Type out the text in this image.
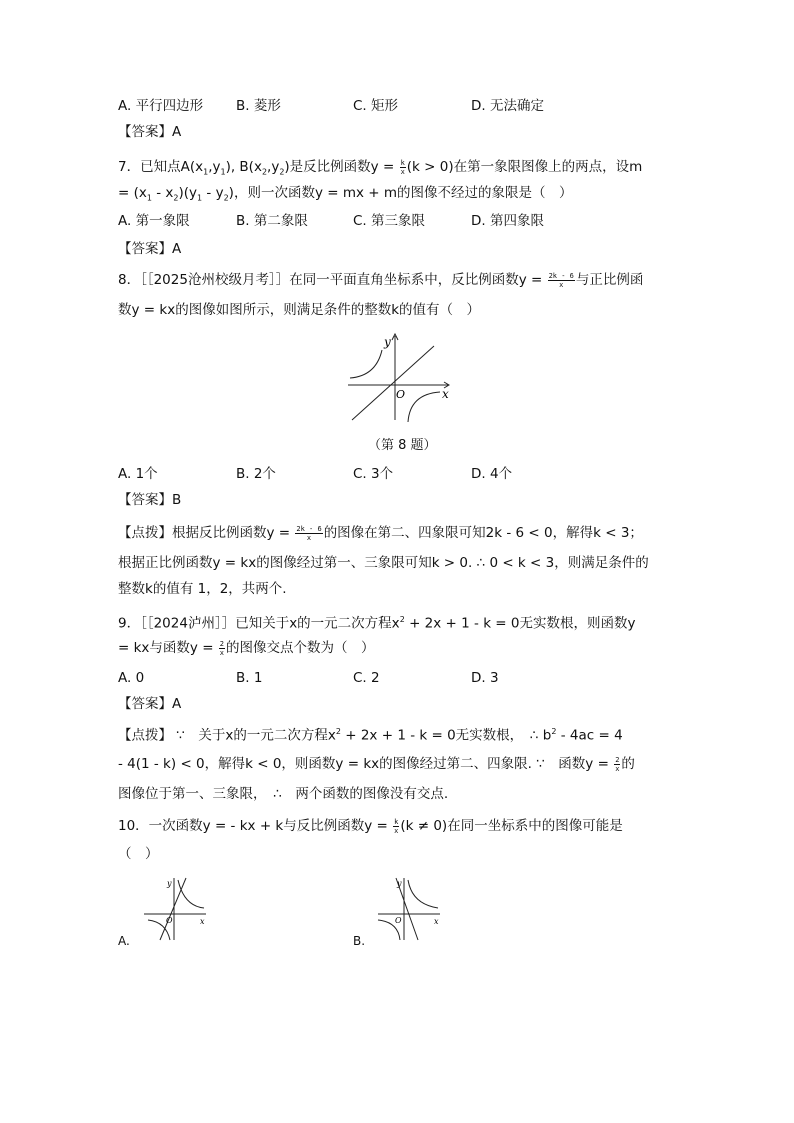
A. 平行四边形 B. 菱形	C. 矩形	D. 无法确定
【答案】A
7．已知点$A(x_1,y_1)$, $B(x_2,y_2)$是反比例函数$y = \frac{k}{x} (k > 0)$在第一象限图像上的两点，设m
= $(x_1 - x_2)(y_1 - y_2)$，则一次函数y = mx + m的图像不经过的象限是（　）
A. 第一象限	B. 第二象限	C. 第三象限	D. 第四象限
【答案】A
8．［［2025沧州校级月考］］在同一平面直角坐标系中，反比例函数$y = \frac{2k - 6}{x}$ 与正比例函
数y = kx的图像如图所示，则满足条件的整数k的值有（　）
y
O	x
（第 8 题）
A. 1个	B. 2个	C. 3个	D. 4个
【答案】B
【点拨】根据反比例函数$y = \frac{2k - 6}{x}$ 的图像在第二、四象限可知2k - 6 < 0，解得k < 3；
根据正比例函数y = kx的图像经过第一、三象限可知k > 0. ∴ 0 < k < 3，则满足条件的
整数k的值有 1，2，共两个.
9．［［2024泸州］］已知关于x的一元二次方程$x^2 + 2x + 1 - k = 0$无实数根，则函数y
= kx与函数$y = \frac{2}{x}$ 的图像交点个数为（　）
A. 0	B. 1	C. 2	D. 3
【答案】A
【点拨】 ∵　关于x的一元二次方程$x^2 + 2x + 1 - k = 0$无实数根，　∴ $b^2 - 4ac = 4$
- 4(1 - k) < 0，解得k < 0，则函数y = kx的图像经过第二、四象限. ∵　函数$y = \frac{2}{x}$ 的
图像位于第一、三象限，　∴　两个函数的图像没有交点.
10．一次函数y = - kx + k与反比例函数$y = \frac{k}{x} (k \ne 0)$在同一坐标系中的图像可能是
（　）
y
O	x
A.
y
O	x
B.
